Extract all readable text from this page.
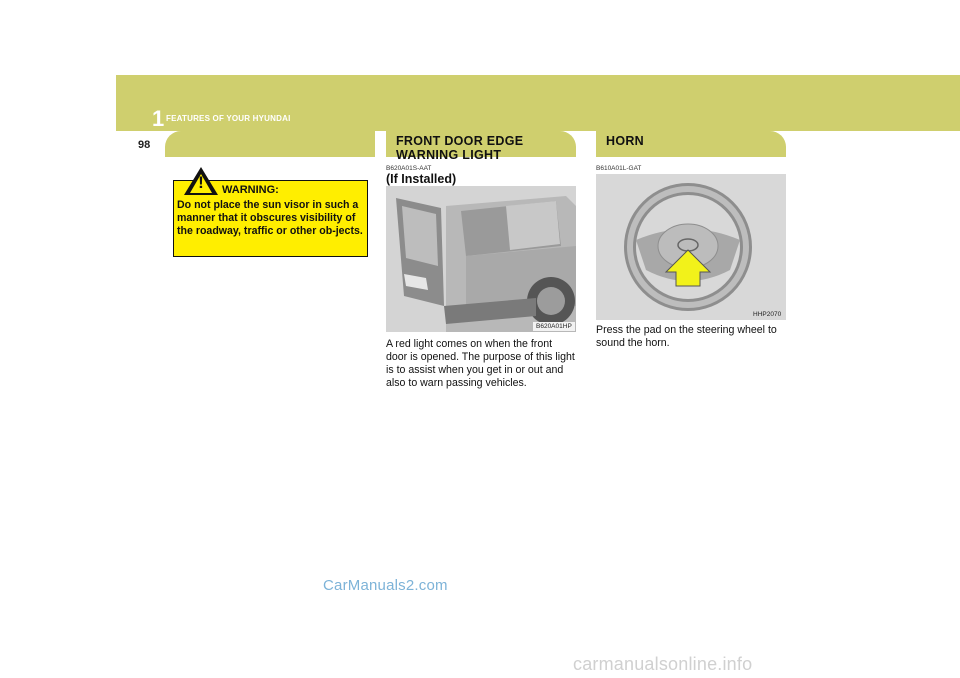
1 FEATURES OF YOUR HYUNDAI
98
! WARNING:
Do not place the sun visor in such a manner that it obscures visibility of the roadway, traffic or other ob-jects.
FRONT DOOR EDGE
WARNING LIGHT
B620A01S-AAT
(If Installed)
B620A01HP
A red light comes on when the front door is opened. The purpose of this light is to assist when you get in or out and also to warn passing vehicles.
HORN
B610A01L-GAT
HHP2070
Press the pad on the steering wheel to sound the horn.
CarManuals2.com
carmanualsonline.info
